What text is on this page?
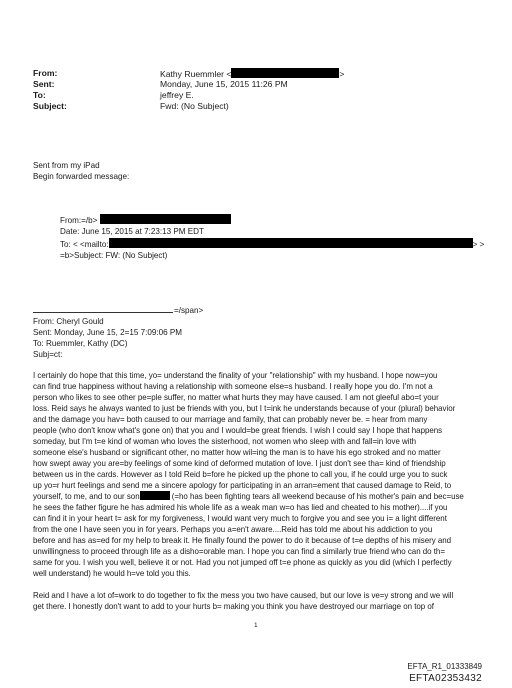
From:	Kathy Ruemmler <	>
Sent:	Monday, June 15, 2015 11:26 PM
To:	jeffrey E.
Subject:	Fwd: (No Subject)
Sent from my iPad
Begin forwarded message:
From:=/b>
Date: June 15, 2015 at 7:23:13 PM EDT
To: < <mailto:	> >
=b>Subject: FW: (No Subject)
=/span>
From: Cheryl Gould
Sent: Monday, June 15, 2=15 7:09:06 PM
To: Ruemmler, Kathy (DC)
Subj=ct:
I certainly do hope that this time, yo= understand the finality of your "relationship" with my husband. I hope now=you
can find true happiness without having a relationship with someone else=s husband. I really hope you do. I'm not a
person who likes to see other pe=ple suffer, no matter what hurts they may have caused. I am not gleeful abo=t your
loss. Reid says he always wanted to just be friends with you, but I t=ink he understands because of your (plural) behavior
and the damage you hav= both caused to our marriage and family, that can probably never be. = hear from many
people (who don't know what's gone on) that you and I would=be great friends. I wish I could say I hope that happens
someday, but I'm t=e kind of woman who loves the sisterhood, not women who sleep with and fall=in love with
someone else's husband or significant other, no matter how wil=ing the man is to have his ego stroked and no matter
how swept away you are=by feelings of some kind of deformed mutation of love. I just don't see tha= kind of friendship
between us in the cards. However as I told Reid b=fore he picked up the phone to call you, if he could urge you to suck
up yo=r hurt feelings and send me a sincere apology for participating in an arran=ement that caused damage to Reid, to
yourself, to me, and to our son	(=ho has been fighting tears all weekend because of his mother's pain and bec=use
he sees the father figure he has admired his whole life as a weak man w=o has lied and cheated to his mother)....if you
can find it in your heart t= ask for my forgiveness, I would want very much to forgive you and see you i= a light different
from the one I have seen you in for years. Perhaps you a=en't aware....Reid has told me about his addiction to you
before and has as=ed for my help to break it. He finally found the power to do it because of t=e depths of his misery and
unwillingness to proceed through life as a disho=orable man. I hope you can find a similarly true friend who can do th=
same for you. I wish you well, believe it or not. Had you not jumped off t=e phone as quickly as you did (which I perfectly
well understand) he would h=ve told you this.
Reid and I have a lot of=work to do together to fix the mess you two have caused, but our love is ve=y strong and we will
get there. I honestly don't want to add to your hurts b= making you think you have destroyed our marriage on top of
1
EFTA_R1_01333849
EFTA02353432
